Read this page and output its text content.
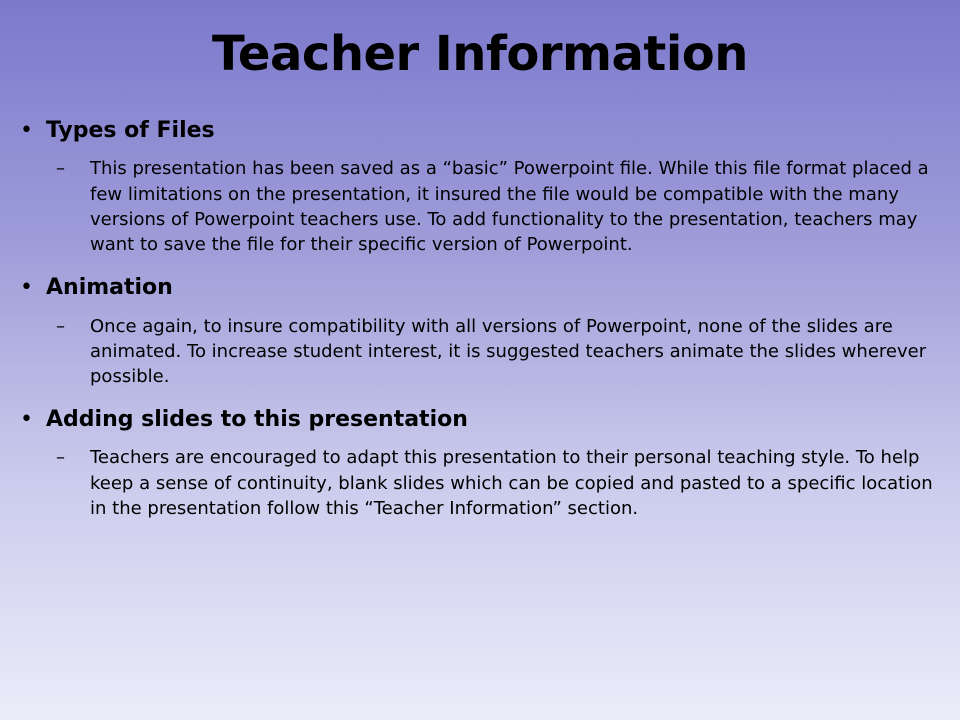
Teacher Information
• Types of Files
– This presentation has been saved as a “basic” Powerpoint file. While this file format placed a few limitations on the presentation, it insured the file would be compatible with the many versions of Powerpoint teachers use. To add functionality to the presentation, teachers may want to save the file for their specific version of Powerpoint.
• Animation
– Once again, to insure compatibility with all versions of Powerpoint, none of the slides are animated. To increase student interest, it is suggested teachers animate the slides wherever possible.
• Adding slides to this presentation
– Teachers are encouraged to adapt this presentation to their personal teaching style. To help keep a sense of continuity, blank slides which can be copied and pasted to a specific location in the presentation follow this “Teacher Information” section.
